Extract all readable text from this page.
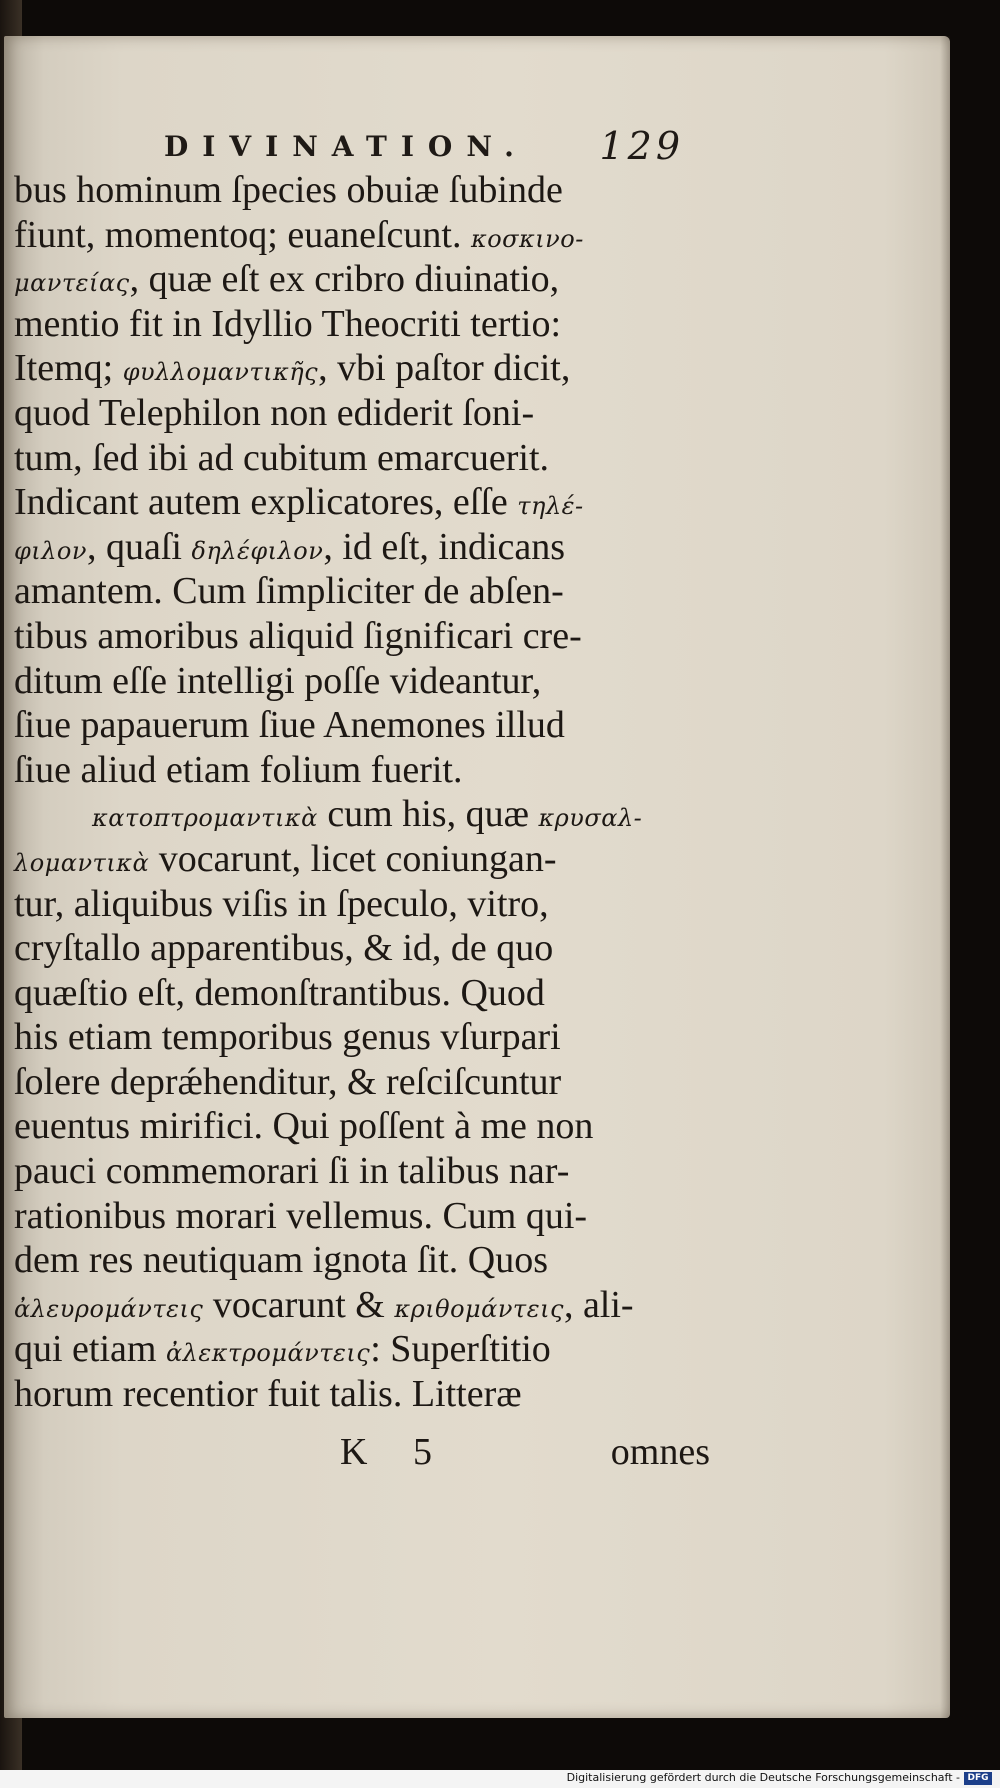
DIVINATION. 129
bus hominum ſpecies obuiæ ſubinde
fiunt, momentoq; euaneſcunt. κοσκινο-
μαντείας, quæ eſt ex cribro diuinatio,
mentio fit in Idyllio Theocriti tertio:
Itemq; φυλλομαντικῆς, vbi paſtor dicit,
quod Telephilon non ediderit ſoni-
tum, ſed ibi ad cubitum emarcuerit.
Indicant autem explicatores, eſſe τηλέ-
φιλον, quaſi δηλέφιλον, id eſt, indicans
amantem. Cum ſimpliciter de abſen-
tibus amoribus aliquid ſignificari cre-
ditum eſſe intelligi poſſe videantur,
ſiue papauerum ſiue Anemones illud
ſiue aliud etiam folium fuerit.
κατοπτρομαντικὰ cum his, quæ κρυσαλ-
λομαντικὰ vocarunt, licet coniungan-
tur, aliquibus viſis in ſpeculo, vitro,
cryſtallo apparentibus, & id, de quo
quæſtio eſt, demonſtrantibus. Quod
his etiam temporibus genus vſurpari
ſolere deprǽhenditur, & reſciſcuntur
euentus mirifici. Qui poſſent à me non
pauci commemorari ſi in talibus nar-
rationibus morari vellemus. Cum qui-
dem res neutiquam ignota ſit. Quos
ἀλευρομάντεις vocarunt & κριθομάντεις, ali-
qui etiam ἀλεκτρομάντεις: Superſtitio
horum recentior fuit talis. Litteræ
K 5	omnes
Digitalisierung gefördert durch die Deutsche Forschungsgemeinschaft - DFG
